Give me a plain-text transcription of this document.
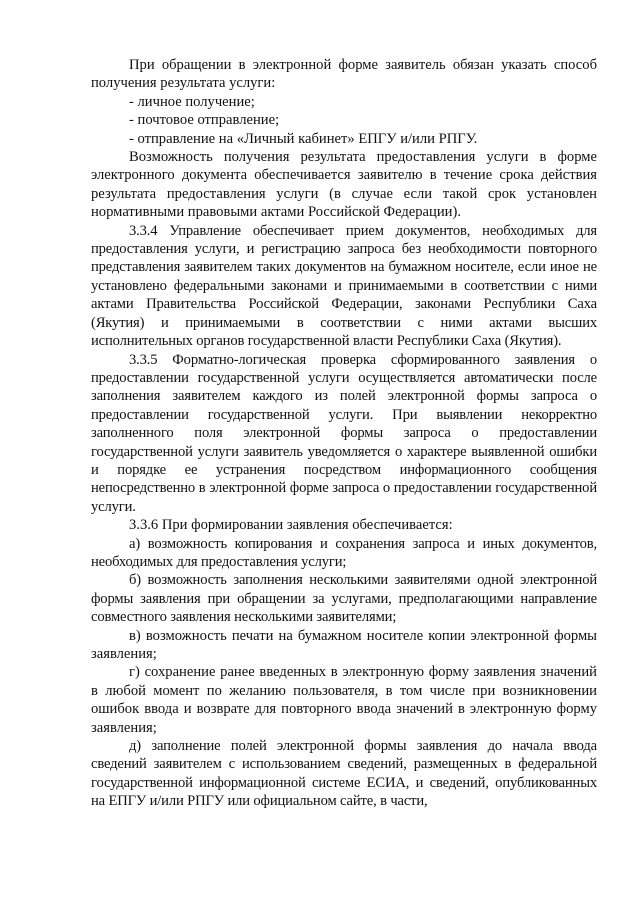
При обращении в электронной форме заявитель обязан указать способ получения результата услуги:

- личное получение;

- почтовое отправление;

- отправление на «Личный кабинет» ЕПГУ и/или РПГУ.

Возможность получения результата предоставления услуги в форме электронного документа обеспечивается заявителю в течение срока действия результата предоставления услуги (в случае если такой срок установлен нормативными правовыми актами Российской Федерации).

3.3.4 Управление обеспечивает прием документов, необходимых для предоставления услуги, и регистрацию запроса без необходимости повторного представления заявителем таких документов на бумажном носителе, если иное не установлено федеральными законами и принимаемыми в соответствии с ними актами Правительства Российской Федерации, законами Республики Саха (Якутия) и принимаемыми в соответствии с ними актами высших исполнительных органов государственной власти Республики Саха (Якутия).

3.3.5 Форматно-логическая проверка сформированного заявления о предоставлении государственной услуги осуществляется автоматически после заполнения заявителем каждого из полей электронной формы запроса о предоставлении государственной услуги. При выявлении некорректно заполненного поля электронной формы запроса о предоставлении государственной услуги заявитель уведомляется о характере выявленной ошибки и порядке ее устранения посредством информационного сообщения непосредственно в электронной форме запроса о предоставлении государственной услуги.

3.3.6 При формировании заявления обеспечивается:

а) возможность копирования и сохранения запроса и иных документов, необходимых для предоставления услуги;

б) возможность заполнения несколькими заявителями одной электронной формы заявления при обращении за услугами, предполагающими направление совместного заявления несколькими заявителями;

в) возможность печати на бумажном носителе копии электронной формы заявления;

г) сохранение ранее введенных в электронную форму заявления значений в любой момент по желанию пользователя, в том числе при возникновении ошибок ввода и возврате для повторного ввода значений в электронную форму заявления;

д) заполнение полей электронной формы заявления до начала ввода сведений заявителем с использованием сведений, размещенных в федеральной государственной информационной системе ЕСИА, и сведений, опубликованных на ЕПГУ и/или РПГУ или официальном сайте, в части,
